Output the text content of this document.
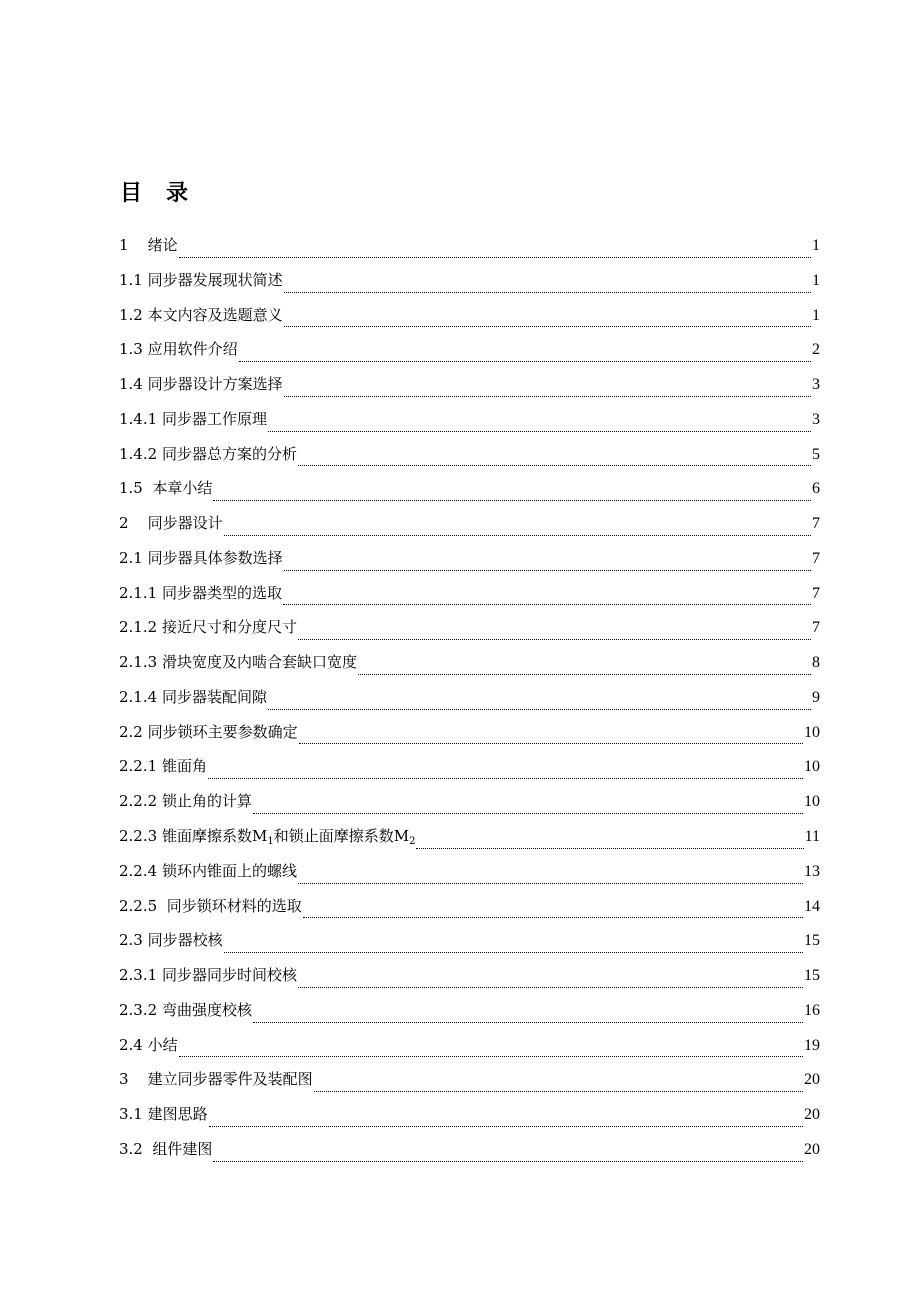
目　录
1 绪论	1
1.1 同步器发展现状简述	1
1.2 本文内容及选题意义	1
1.3 应用软件介绍	2
1.4 同步器设计方案选择	3
1.4.1 同步器工作原理	3
1.4.2 同步器总方案的分析	5
1.5 本章小结	6
2 同步器设计	7
2.1 同步器具体参数选择	7
2.1.1 同步器类型的选取	7
2.1.2 接近尺寸和分度尺寸	7
2.1.3 滑块宽度及内啮合套缺口宽度	8
2.1.4 同步器装配间隙	9
2.2 同步锁环主要参数确定	10
2.2.1 锥面角	10
2.2.2 锁止角的计算	10
2.2.3 锥面摩擦系数$M_1$和锁止面摩擦系数$M_2$	11
2.2.4 锁环内锥面上的螺线	13
2.2.5 同步锁环材料的选取	14
2.3 同步器校核	15
2.3.1 同步器同步时间校核	15
2.3.2 弯曲强度校核	16
2.4 小结	19
3 建立同步器零件及装配图	20
3.1 建图思路	20
3.2 组件建图	20
